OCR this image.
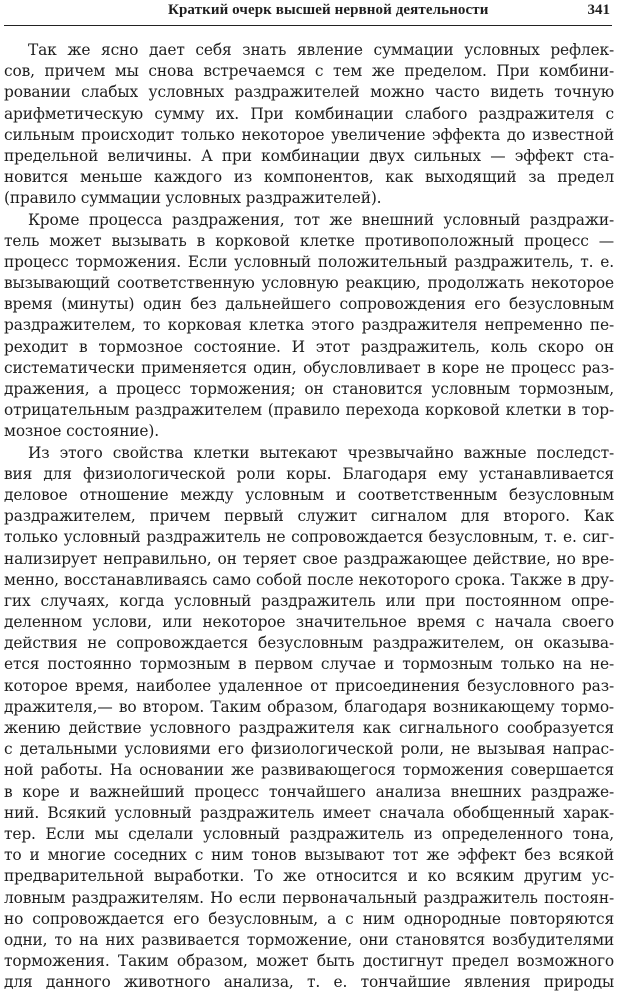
Краткий очерк высшей нервной деятельности	341
Так же ясно дает себя знать явление суммации условных рефлек-
сов, причем мы снова встречаемся с тем же пределом. При комбини-
ровании слабых условных раздражителей можно часто видеть точную
арифметическую сумму их. При комбинации слабого раздражителя с
сильным происходит только некоторое увеличение эффекта до известной
предельной величины. А при комбинации двух сильных — эффект ста-
новится меньше каждого из компонентов, как выходящий за предел
(правило суммации условных раздражителей).
Кроме процесса раздражения, тот же внешний условный раздражи-
тель может вызывать в корковой клетке противоположный процесс —
процесс торможения. Если условный положительный раздражитель, т. е.
вызывающий соответственную условную реакцию, продолжать некоторое
время (минуты) один без дальнейшего сопровождения его безусловным
раздражителем, то корковая клетка этого раздражителя непременно пе-
реходит в тормозное состояние. И этот раздражитель, коль скоро он
систематически применяется один, обусловливает в коре не процесс раз-
дражения, а процесс торможения; он становится условным тормозным,
отрицательным раздражителем (правило перехода корковой клетки в тор-
мозное состояние).
Из этого свойства клетки вытекают чрезвычайно важные последст-
вия для физиологической роли коры. Благодаря ему устанавливается
деловое отношение между условным и соответственным безусловным
раздражителем, причем первый служит сигналом для второго. Как
только условный раздражитель не сопровождается безусловным, т. е. сиг-
нализирует неправильно, он теряет свое раздражающее действие, но вре-
менно, восстанавливаясь само собой после некоторого срока. Также в дру-
гих случаях, когда условный раздражитель или при постоянном опре-
деленном услови, или некоторое значительное время с начала своего
действия не сопровождается безусловным раздражителем, он оказыва-
ется постоянно тормозным в первом случае и тормозным только на не-
которое время, наиболее удаленное от присоединения безусловного раз-
дражителя,— во втором. Таким образом, благодаря возникающему тормо-
жению действие условного раздражителя как сигнального сообразуется
с детальными условиями его физиологической роли, не вызывая напрас-
ной работы. На основании же развивающегося торможения совершается
в коре и важнейший процесс тончайшего анализа внешних раздраже-
ний. Всякий условный раздражитель имеет сначала обобщенный харак-
тер. Если мы сделали условный раздражитель из определенного тона,
то и многие соседних с ним тонов вызывают тот же эффект без всякой
предварительной выработки. То же относится и ко всяким другим ус-
ловным раздражителям. Но если первоначальный раздражитель постоян-
но сопровождается его безусловным, а с ним однородные повторяются
одни, то на них развивается торможение, они становятся возбудителями
торможения. Таким образом, может быть достигнут предел возможного
для данного животного анализа, т. е. тончайшие явления природы
